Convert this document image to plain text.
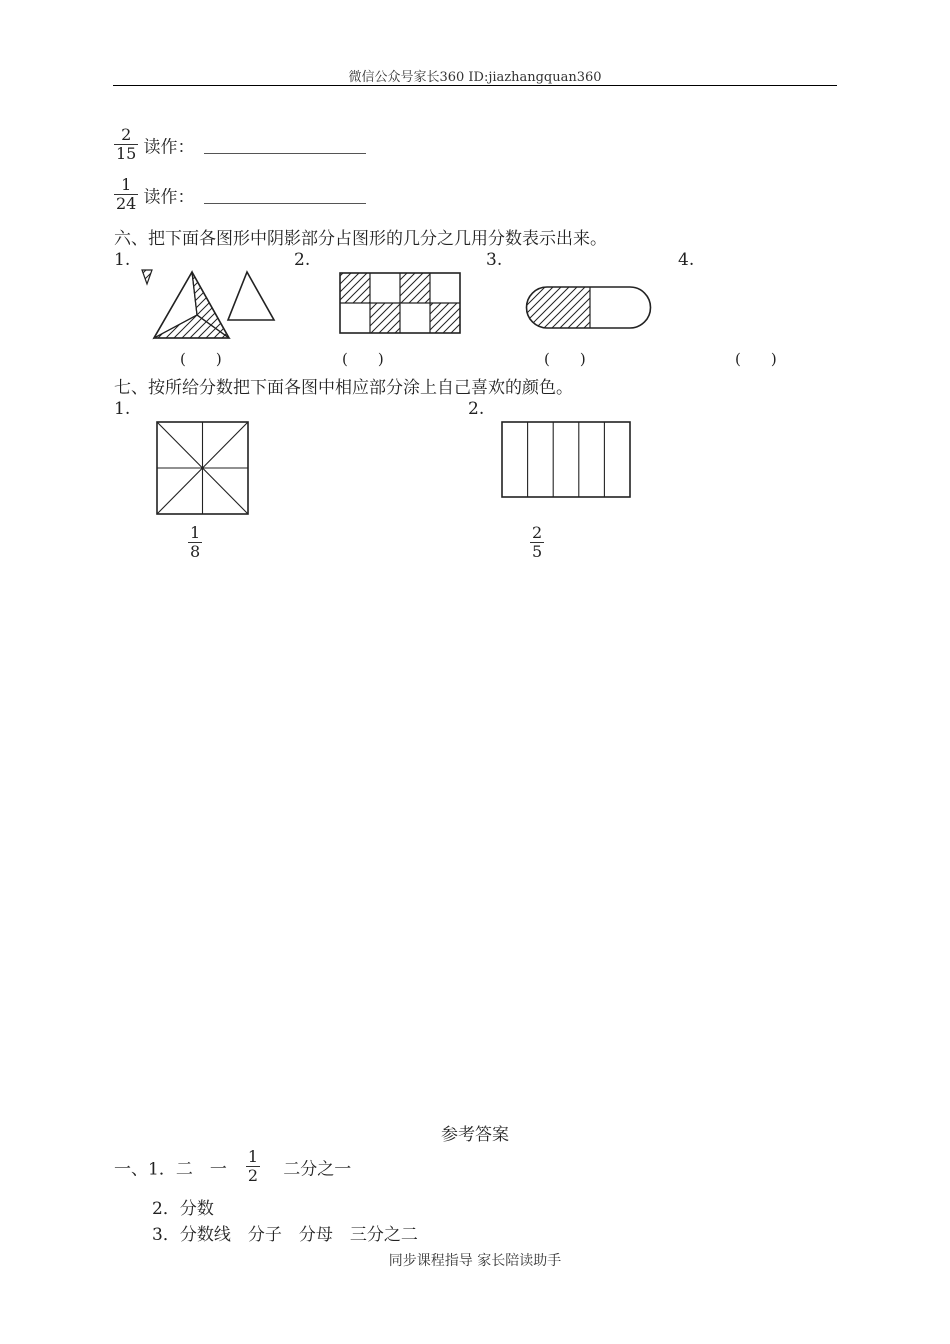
微信公众号家长360 ID:jiazhangquan360
$\frac{2}{15}$ 读作：
$\frac{1}{24}$ 读作：
六、把下面各图形中阴影部分占图形的几分之几用分数表示出来。
1.	2.	3.	4.
(　　)	(　　)	(　　)	(　　)
七、按所给分数把下面各图中相应部分涂上自己喜欢的颜色。
1.	2.
$\frac{1}{8}$	$\frac{2}{5}$
参考答案
一、1．二　一 $\frac{1}{2}$ 二分之一
2．分数
3．分数线　分子　分母　三分之二
同步课程指导 家长陪读助手
